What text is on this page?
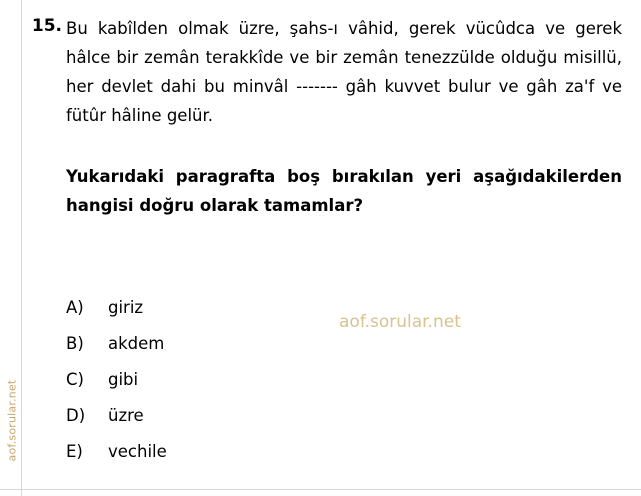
aof.sorular.net
15. Bu kabîlden olmak üzre, şahs-ı vâhid, gerek vücûdca ve gerek hâlce bir zemân terakkîde ve bir zemân tenezzülde olduğu misillü, her devlet dahi bu minvâl ------- gâh kuvvet bulur ve gâh za'f ve fütûr hâline gelür.

Yukarıdaki paragrafta boş bırakılan yeri aşağıdakilerden hangisi doğru olarak tamamlar?

A)	giriz
B)	akdem
C)	gibi
D)	üzre
E)	vechile
aof.sorular.net
